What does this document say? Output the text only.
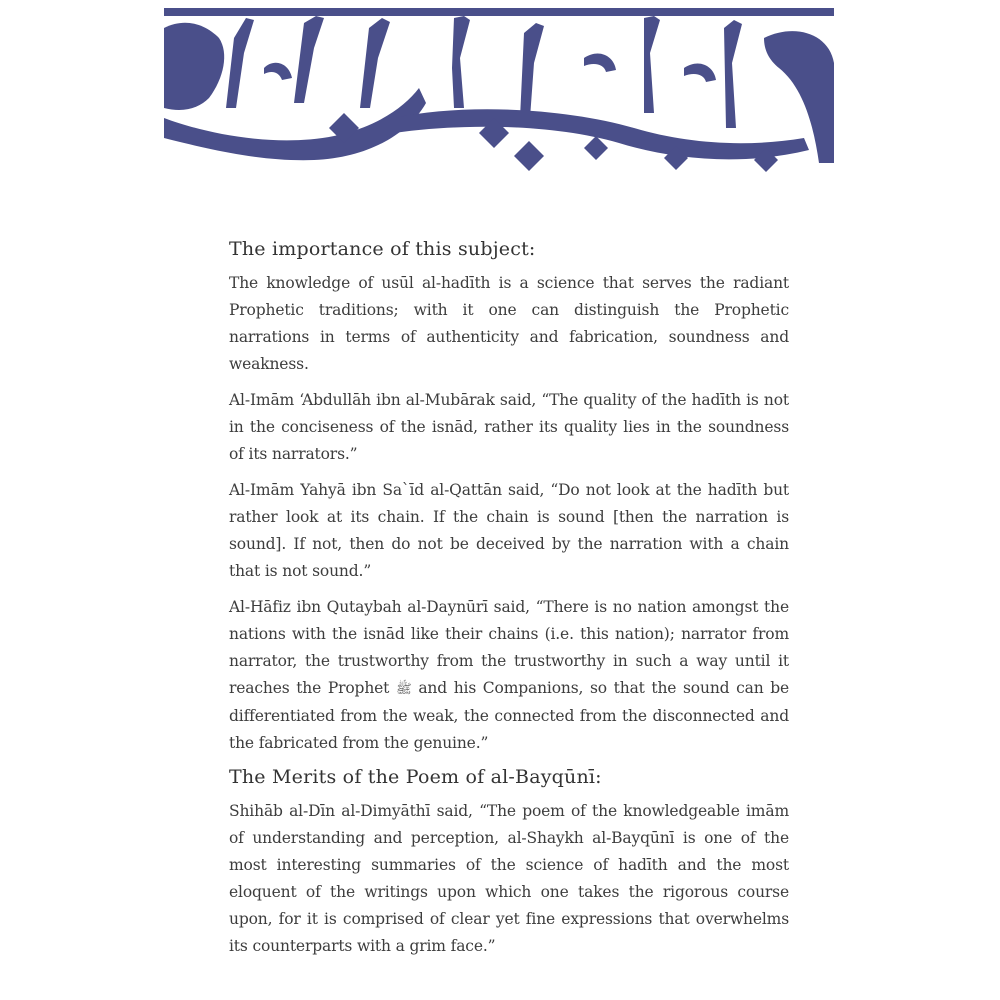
The importance of this subject:

The knowledge of usūl al-hadīth is a science that serves the radiant Prophetic traditions; with it one can distinguish the Prophetic narrations in terms of authenticity and fabrication, soundness and weakness.

Al-Imām ‘Abdullāh ibn al-Mubārak said, “The quality of the hadīth is not in the conciseness of the isnād, rather its quality lies in the soundness of its narrators.”

Al-Imām Yahyā ibn Sa`īd al-Qattān said, “Do not look at the hadīth but rather look at its chain. If the chain is sound [then the narration is sound]. If not, then do not be deceived by the narration with a chain that is not sound.”

Al-Hāfiz ibn Qutaybah al-Daynūrī said, “There is no nation amongst the nations with the isnād like their chains (i.e. this nation); narrator from narrator, the trustworthy from the trustworthy in such a way until it reaches the Prophet ﷺ and his Companions, so that the sound can be differentiated from the weak, the connected from the disconnected and the fabricated from the genuine.”

The Merits of the Poem of al-Bayqūnī:

Shihāb al-Dīn al-Dimyāthī said, “The poem of the knowledgeable imām of understanding and perception, al-Shaykh al-Bayqūnī is one of the most interesting summaries of the science of hadīth and the most eloquent of the writings upon which one takes the rigorous course upon, for it is comprised of clear yet fine expressions that overwhelms its counterparts with a grim face.”
